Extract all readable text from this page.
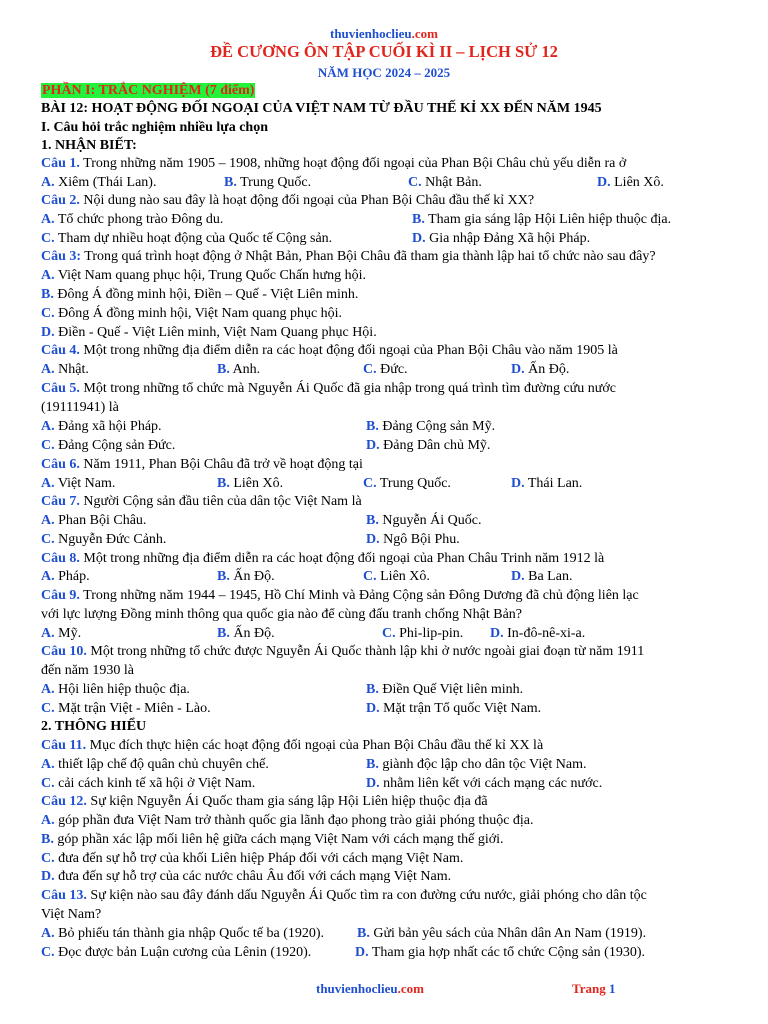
thuvienhoclieu.com
ĐỀ CƯƠNG ÔN TẬP CUỐI KÌ II – LỊCH SỬ 12
NĂM HỌC 2024 – 2025
PHẦN I: TRẮC NGHIỆM (7 điểm)
BÀI 12: HOẠT ĐỘNG ĐỐI NGOẠI CỦA VIỆT NAM TỪ ĐẦU THẾ KỈ XX ĐẾN NĂM 1945
I. Câu hỏi trắc nghiệm nhiều lựa chọn
1. NHẬN BIẾT:
Câu 1. Trong những năm 1905 – 1908, những hoạt động đối ngoại của Phan Bội Châu chủ yếu diễn ra ở
A. Xiêm (Thái Lan).	B. Trung Quốc.	C. Nhật Bản.	D. Liên Xô.
Câu 2. Nội dung nào sau đây là hoạt động đối ngoại của Phan Bội Châu đầu thế kỉ XX?
A. Tổ chức phong trào Đông du.	B. Tham gia sáng lập Hội Liên hiệp thuộc địa.
C. Tham dự nhiều hoạt động của Quốc tế Cộng sản.	D. Gia nhập Đảng Xã hội Pháp.
Câu 3: Trong quá trình hoạt động ở Nhật Bản, Phan Bội Châu đã tham gia thành lập hai tổ chức nào sau đây?
A. Việt Nam quang phục hội, Trung Quốc Chấn hưng hội.
B. Đông Á đồng minh hội, Điền – Quế - Việt Liên minh.
C. Đông Á đồng minh hội, Việt Nam quang phục hội.
D. Điền - Quế - Việt Liên minh, Việt Nam Quang phục Hội.
Câu 4. Một trong những địa điểm diễn ra các hoạt động đối ngoại của Phan Bội Châu vào năm 1905 là
A. Nhật.	B. Anh.	C. Đức.	D. Ấn Độ.
Câu 5. Một trong những tổ chức mà Nguyễn Ái Quốc đã gia nhập trong quá trình tìm đường cứu nước
(19111941) là
A. Đảng xã hội Pháp.	B. Đảng Cộng sản Mỹ.
C. Đảng Cộng sản Đức.	D. Đảng Dân chủ Mỹ.
Câu 6. Năm 1911, Phan Bội Châu đã trở về hoạt động tại
A. Việt Nam.	B. Liên Xô.	C. Trung Quốc.	D. Thái Lan.
Câu 7. Người Cộng sản đầu tiên của dân tộc Việt Nam là
A. Phan Bội Châu.	B. Nguyễn Ái Quốc.
C. Nguyễn Đức Cảnh.	D. Ngô Bội Phu.
Câu 8. Một trong những địa điểm diễn ra các hoạt động đối ngoại của Phan Châu Trinh năm 1912 là
A. Pháp.	B. Ấn Độ.	C. Liên Xô.	D. Ba Lan.
Câu 9. Trong những năm 1944 – 1945, Hồ Chí Minh và Đảng Cộng sản Đông Dương đã chủ động liên lạc
với lực lượng Đồng minh thông qua quốc gia nào để cùng đấu tranh chống Nhật Bản?
A. Mỹ.	B. Ấn Độ.	C. Phi-lip-pin. D. In-đô-nê-xi-a.
Câu 10. Một trong những tổ chức được Nguyễn Ái Quốc thành lập khi ở nước ngoài giai đoạn từ năm 1911
đến năm 1930 là
A. Hội liên hiệp thuộc địa.	B. Điền Quế Việt liên minh.
C. Mặt trận Việt - Miên - Lào.	D. Mặt trận Tổ quốc Việt Nam.
2. THÔNG HIỂU
Câu 11. Mục đích thực hiện các hoạt động đối ngoại của Phan Bội Châu đầu thế kỉ XX là
A. thiết lập chế độ quân chủ chuyên chế.	B. giành độc lập cho dân tộc Việt Nam.
C. cải cách kinh tế xã hội ở Việt Nam.	D. nhằm liên kết với cách mạng các nước.
Câu 12. Sự kiện Nguyễn Ái Quốc tham gia sáng lập Hội Liên hiệp thuộc địa đã
A. góp phần đưa Việt Nam trở thành quốc gia lãnh đạo phong trào giải phóng thuộc địa.
B. góp phần xác lập mối liên hệ giữa cách mạng Việt Nam với cách mạng thế giới.
C. đưa đến sự hỗ trợ của khối Liên hiệp Pháp đối với cách mạng Việt Nam.
D. đưa đến sự hỗ trợ của các nước châu Âu đối với cách mạng Việt Nam.
Câu 13. Sự kiện nào sau đây đánh dấu Nguyễn Ái Quốc tìm ra con đường cứu nước, giải phóng cho dân tộc
Việt Nam?
A. Bỏ phiếu tán thành gia nhập Quốc tế ba (1920). B. Gửi bản yêu sách của Nhân dân An Nam (1919).
C. Đọc được bản Luận cương của Lênin (1920).	D. Tham gia hợp nhất các tổ chức Cộng sản (1930).
thuvienhoclieu.com	Trang 1
